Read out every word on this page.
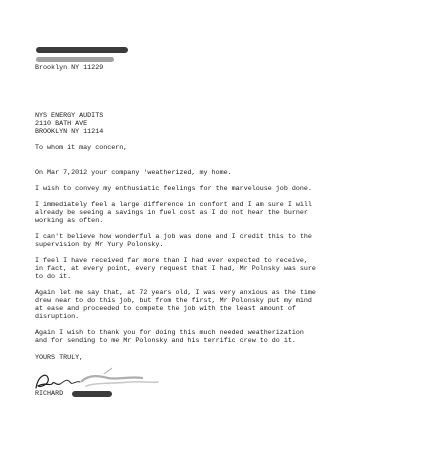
Brooklyn NY 11229
NYS ENERGY AUDITS
2110 BATH AVE
BROOKLYN NY 11214
To whom it may concern,
On Mar 7,2012 your company 'weatherized, my home.
I wish to convey my enthusiatic feelings for the marvelouse job done.
I immediately feel a large difference in confort and I am sure I will
already be seeing a savings in fuel cost as I do not hear the burner
working as often.
I can't believe how wonderful a job was done and I credit this to the
supervision by Mr Yury Polonsky.
I feel I have received far more than I had ever expected to receive,
in fact, at every point, every request that I had, Mr Polnsky was sure
to do it.
Again let me say that, at 72 years old, I was very anxious as the time
drew near to do this job, but from the first, Mr Polonsky put my mind
at ease and proceeded to compete the job with the least amount of
disruption.
Again I wish to thank you for doing this much needed weatherization
and for sending to me Mr Polonsky and his terrific crew to do it.
YOURS TRULY,
RICHARD
